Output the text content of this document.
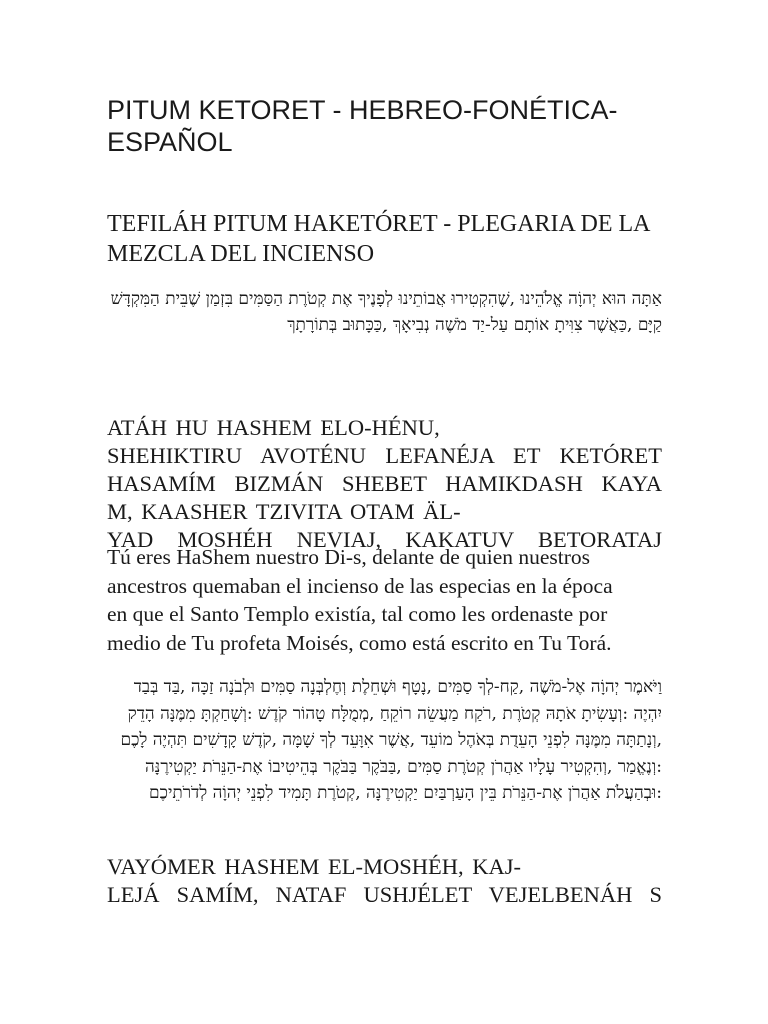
PITUM KETORET - HEBREO-FONÉTICA-ESPAÑOL
TEFILÁH PITUM HAKETÓRET - PLEGARIA DE LA MEZCLA DEL INCIENSO

אַתָּה הוּא יְהוָֹה אֱלֹהֵינוּ ,שֶׁהִקְטִירוּ אֲבוֹתֵינוּ לְפָנֶיךָ אֶת קְטֹרֶת הַסַּמִּים בִּזְמַן שֶׁבֵּית הַמִּקְדָּשׁ קַיָּם ,כַּאֲשֶׁר צִוִּיתָ אוֹתָם עַל-יַד מֹשֶׁה נְבִיאָךְ ,כַּכָּתוּב בְּתוֹרָתָךְ

ATÁH HU HASHEM ELO-HÉNU,
SHEHIKTIRU AVOTÉNU LEFANÉJA ET KETÓRET
HASAMÍM BIZMÁN SHEBET HAMIKDASH KAYA
M, KAASHER TZIVITA OTAM ÄL-
YAD MOSHÉH NEVIAJ, KAKATUV BETORATAJ

Tú eres HaShem nuestro Di-s, delante de quien nuestros
ancestros quemaban el incienso de las especias en la época
en que el Santo Templo existía, tal como les ordenaste por
medio de Tu profeta Moisés, como está escrito en Tu Torá.

וַיֹּאמֶר יְהוָֹה אֶל-מֹשֶׁה ,קַח-לְךָ סַמִּים ,נָטָף וּשְׁחֵלֶת וְחֶלְבְּנָה סַמִּים וּלְבֹנָה זַכָּה ,בַּד בְּבַד יִהְיֶה :וְעָשִׂיתָ אֹתָהּ קְטֹרֶת ,רֹקַח מַעֲשֵׂה רוֹקֵחַ ,מְמֻלָּח טָהוֹר קֹדֶשׁ :וְשָׁחַקְתָּ מִמֶּנָּה הָדֵק ,וְנָתַתָּה מִמֶּנָּה לִפְנֵי הָעֵדֻת בְּאֹהֶל מוֹעֵד ,אֲשֶׁר אִוָּעֵד לְךָ שָׁמָּה ,קֹדֶשׁ קָדָשִׁים תִּהְיֶה לָכֶם :וְנֶאֱמַר ,וְהִקְטִיר עָלָיו אַהֲרֹן קְטֹרֶת סַמִּים ,בַּבֹּקֶר בַּבֹּקֶר בְּהֵיטִיבוֹ אֶת-הַנֵּרֹת יַקְטִירֶנָּה :וּבְהַעֲלֹת אַהֲרֹן אֶת-הַנֵּרֹת בֵּין הָעַרְבַּיִם יַקְטִירֶנָּה ,קְטֹרֶת תָּמִיד לִפְנֵי יְהוָֹה לְדֹרֹתֵיכֶם

VAYÓMER HASHEM EL-MOSHÉH, KAJ-
LEJÁ SAMÍM, NATAF USHJÉLET VEJELBENÁH S
